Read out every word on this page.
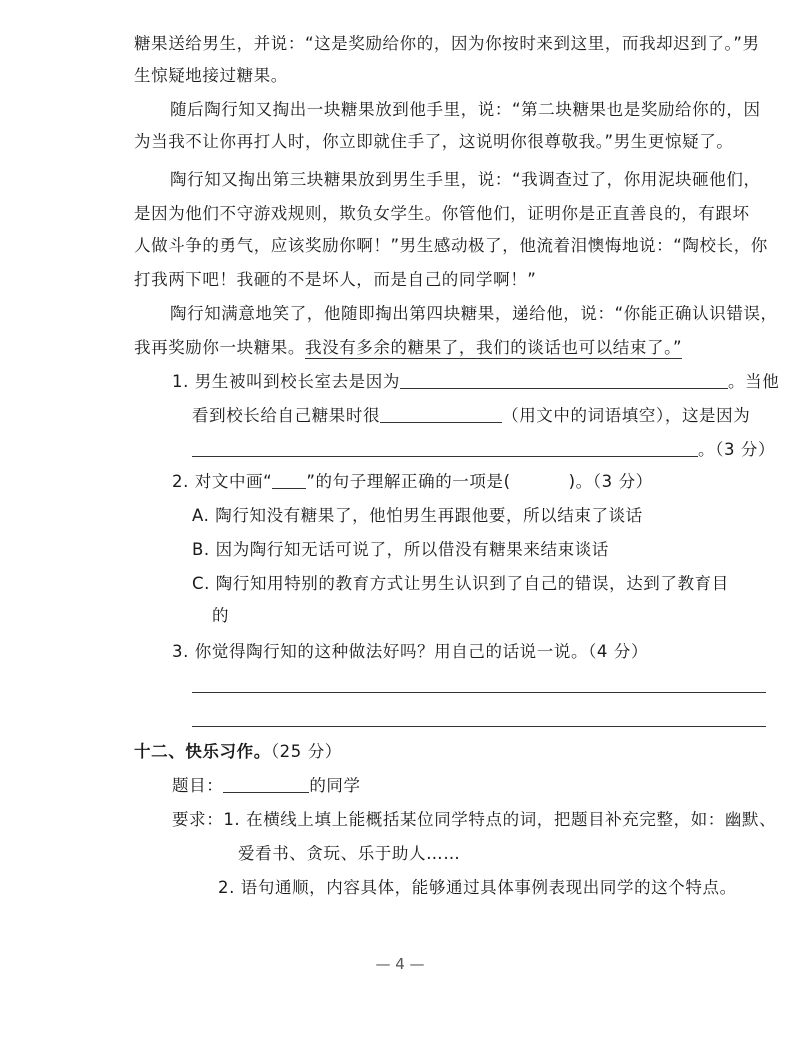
糖果送给男生，并说：“这是奖励给你的，因为你按时来到这里，而我却迟到了。”男
生惊疑地接过糖果。
随后陶行知又掏出一块糖果放到他手里，说：“第二块糖果也是奖励给你的，因
为当我不让你再打人时，你立即就住手了，这说明你很尊敬我。”男生更惊疑了。
陶行知又掏出第三块糖果放到男生手里，说：“我调查过了，你用泥块砸他们，
是因为他们不守游戏规则，欺负女学生。你管他们，证明你是正直善良的，有跟坏
人做斗争的勇气，应该奖励你啊！”男生感动极了，他流着泪懊悔地说：“陶校长，你
打我两下吧！我砸的不是坏人，而是自己的同学啊！”
陶行知满意地笑了，他随即掏出第四块糖果，递给他，说：“你能正确认识错误，
我再奖励你一块糖果。我没有多余的糖果了，我们的谈话也可以结束了。”
1. 男生被叫到校长室去是因为	。当他
看到校长给自己糖果时很	（用文中的词语填空），这是因为
。（3 分）
2. 对文中画“ ”的句子理解正确的一项是(	)。（3 分）
A. 陶行知没有糖果了，他怕男生再跟他要，所以结束了谈话
B. 因为陶行知无话可说了，所以借没有糖果来结束谈话
C. 陶行知用特别的教育方式让男生认识到了自己的错误，达到了教育目
的
3. 你觉得陶行知的这种做法好吗？用自己的话说一说。（4 分）
十二、快乐习作。（25 分）
题目：	的同学
要求：1. 在横线上填上能概括某位同学特点的词，把题目补充完整，如：幽默、
爱看书、贪玩、乐于助人……
2. 语句通顺，内容具体，能够通过具体事例表现出同学的这个特点。
— 4 —
